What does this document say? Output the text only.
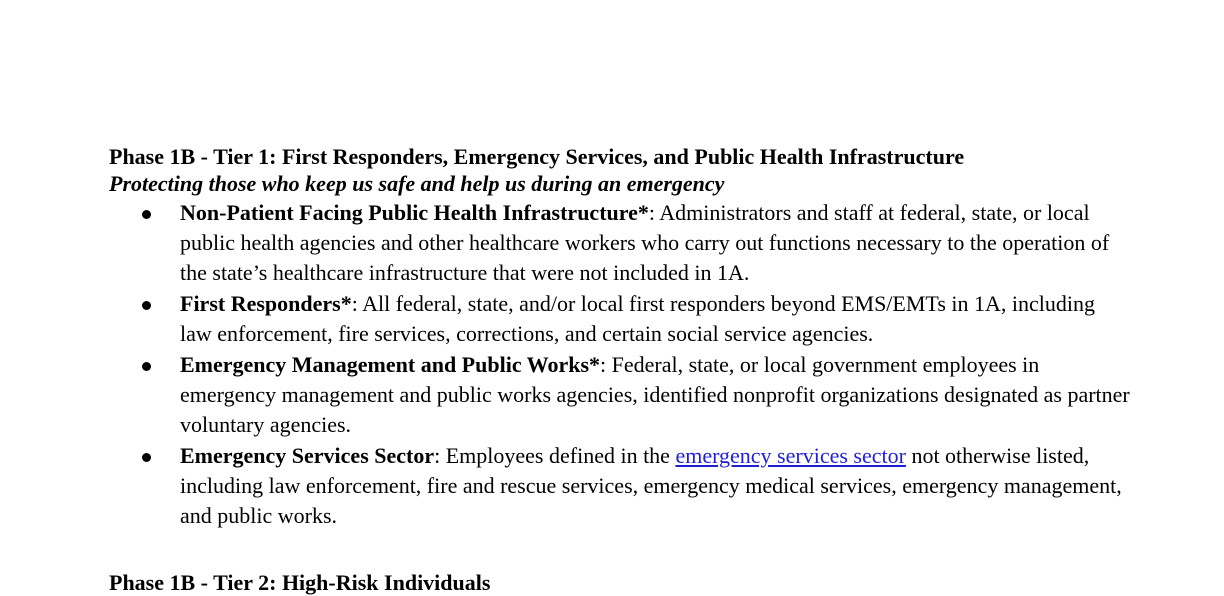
Phase 1B - Tier 1: First Responders, Emergency Services, and Public Health Infrastructure
Protecting those who keep us safe and help us during an emergency
Non-Patient Facing Public Health Infrastructure*: Administrators and staff at federal, state, or local public health agencies and other healthcare workers who carry out functions necessary to the operation of the state’s healthcare infrastructure that were not included in 1A.
First Responders*: All federal, state, and/or local first responders beyond EMS/EMTs in 1A, including law enforcement, fire services, corrections, and certain social service agencies.
Emergency Management and Public Works*: Federal, state, or local government employees in emergency management and public works agencies, identified nonprofit organizations designated as partner voluntary agencies.
Emergency Services Sector: Employees defined in the emergency services sector not otherwise listed, including law enforcement, fire and rescue services, emergency medical services, emergency management, and public works.
Phase 1B - Tier 2: High-Risk Individuals
